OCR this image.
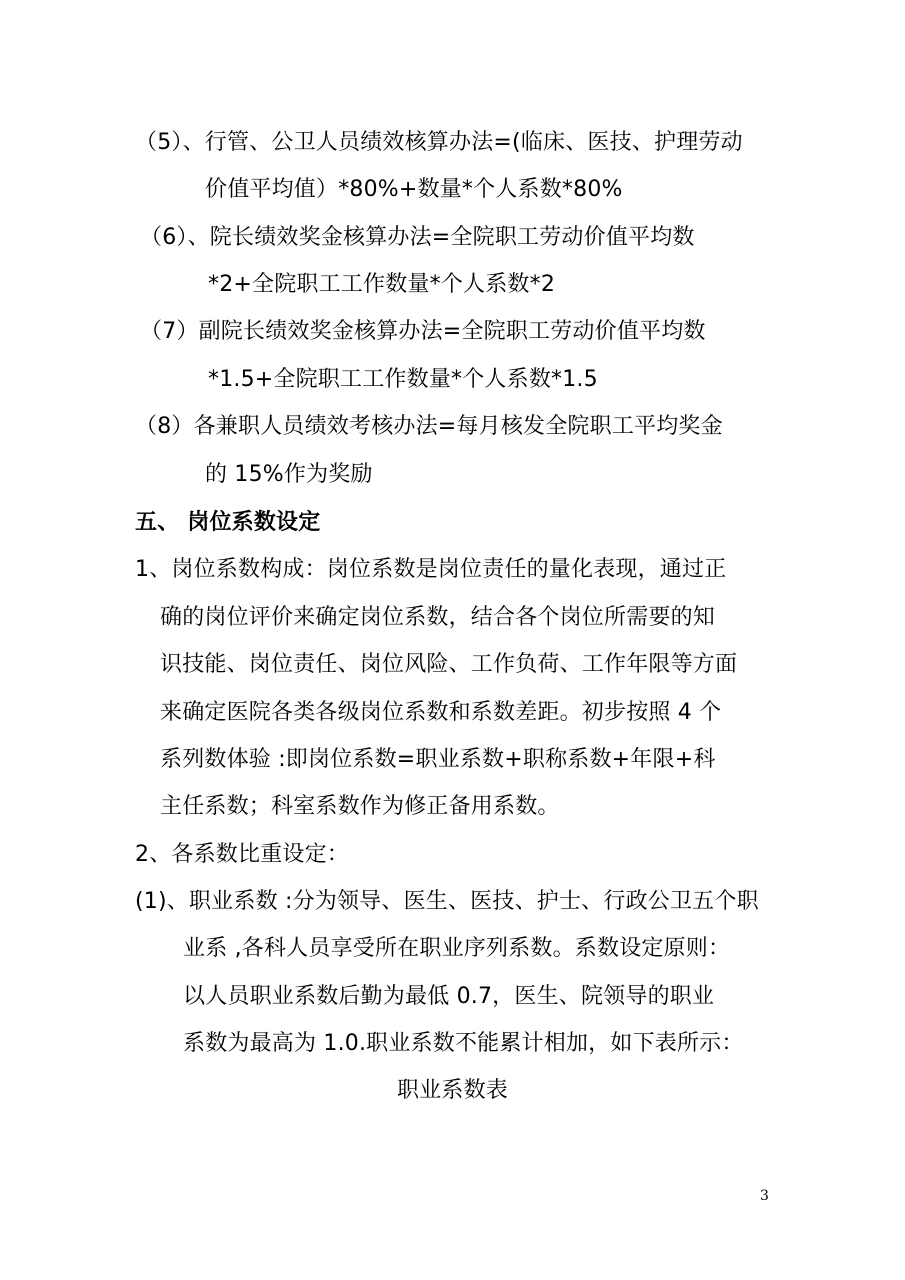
（5）、行管、公卫人员绩效核算办法=(临床、医技、护理劳动
价值平均值）*80%+数量*个人系数*80%
（6）、院长绩效奖金核算办法=全院职工劳动价值平均数
*2+全院职工工作数量*个人系数*2
（7）副院长绩效奖金核算办法=全院职工劳动价值平均数
*1.5+全院职工工作数量*个人系数*1.5
（8）各兼职人员绩效考核办法=每月核发全院职工平均奖金
的 15%作为奖励
五、 岗位系数设定
1、岗位系数构成：岗位系数是岗位责任的量化表现，通过正
确的岗位评价来确定岗位系数，结合各个岗位所需要的知
识技能、岗位责任、岗位风险、工作负荷、工作年限等方面
来确定医院各类各级岗位系数和系数差距。初步按照 4 个
系列数体验 :即岗位系数=职业系数+职称系数+年限+科
主任系数；科室系数作为修正备用系数。
2、各系数比重设定：
(1)、职业系数 :分为领导、医生、医技、护士、行政公卫五个职
业系 ,各科人员享受所在职业序列系数。系数设定原则：
以人员职业系数后勤为最低 0.7，医生、院领导的职业
系数为最高为 1.0.职业系数不能累计相加，如下表所示：
职业系数表
3
